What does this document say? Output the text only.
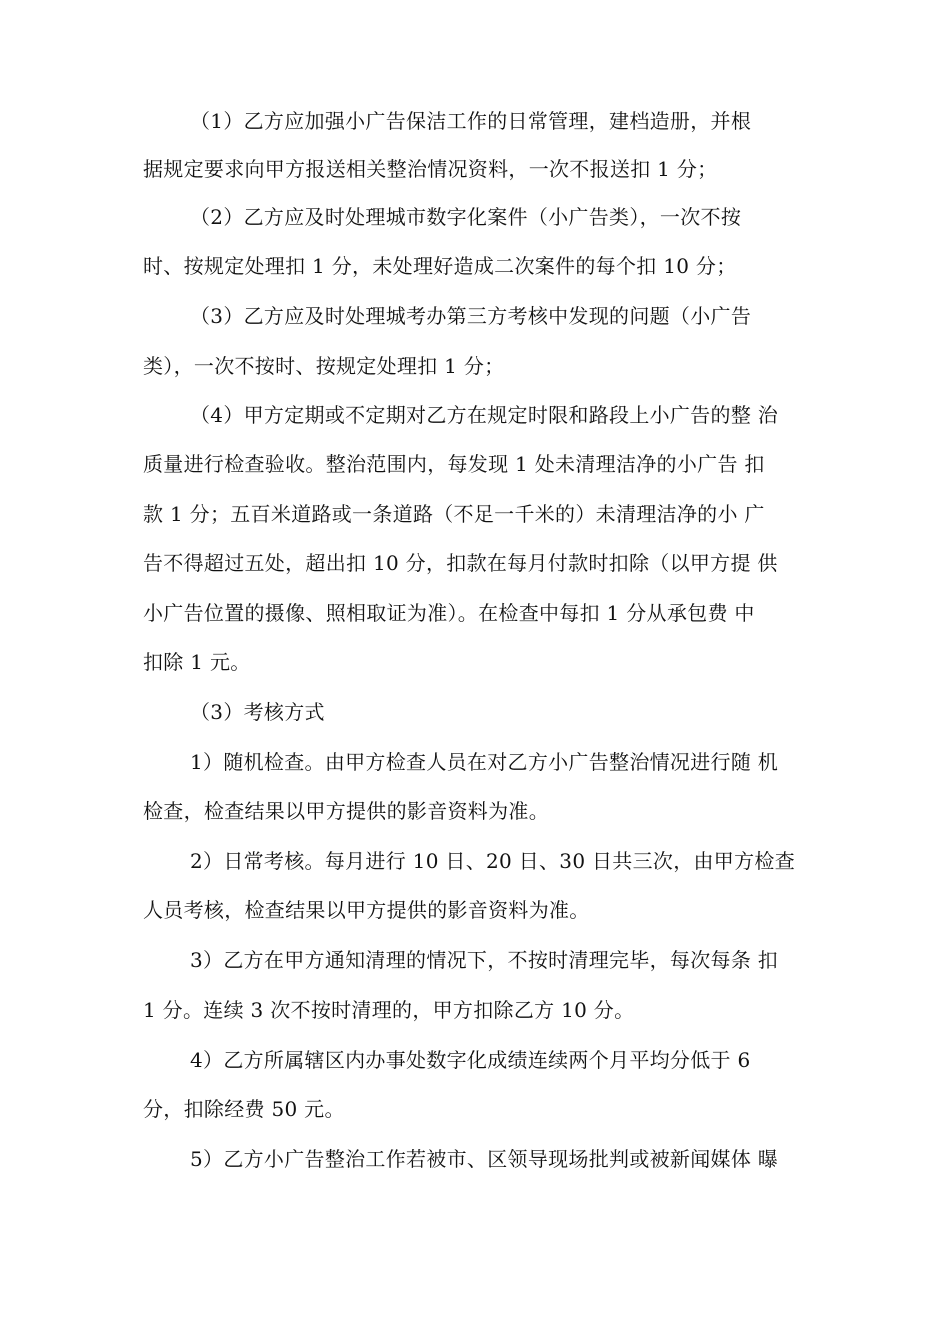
（1）乙方应加强小广告保洁工作的日常管理，建档造册，并根
据规定要求向甲方报送相关整治情况资料，一次不报送扣 1 分；
（2）乙方应及时处理城市数字化案件（小广告类），一次不按
时、按规定处理扣 1 分，未处理好造成二次案件的每个扣 10 分；
（3）乙方应及时处理城考办第三方考核中发现的问题（小广告
类），一次不按时、按规定处理扣 1 分；
（4）甲方定期或不定期对乙方在规定时限和路段上小广告的整 治
质量进行检查验收。整治范围内，每发现 1 处未清理洁净的小广告 扣
款 1 分；五百米道路或一条道路（不足一千米的）未清理洁净的小 广
告不得超过五处，超出扣 10 分，扣款在每月付款时扣除（以甲方提 供
小广告位置的摄像、照相取证为准）。在检查中每扣 1 分从承包费 中
扣除 1 元。
（3）考核方式
1）随机检查。由甲方检查人员在对乙方小广告整治情况进行随 机
检查，检查结果以甲方提供的影音资料为准。
2）日常考核。每月进行 10 日、20 日、30 日共三次，由甲方检查
人员考核，检查结果以甲方提供的影音资料为准。
3）乙方在甲方通知清理的情况下，不按时清理完毕，每次每条 扣
1 分。连续 3 次不按时清理的，甲方扣除乙方 10 分。
4）乙方所属辖区内办事处数字化成绩连续两个月平均分低于 6
分，扣除经费 50 元。
5）乙方小广告整治工作若被市、区领导现场批判或被新闻媒体 曝
